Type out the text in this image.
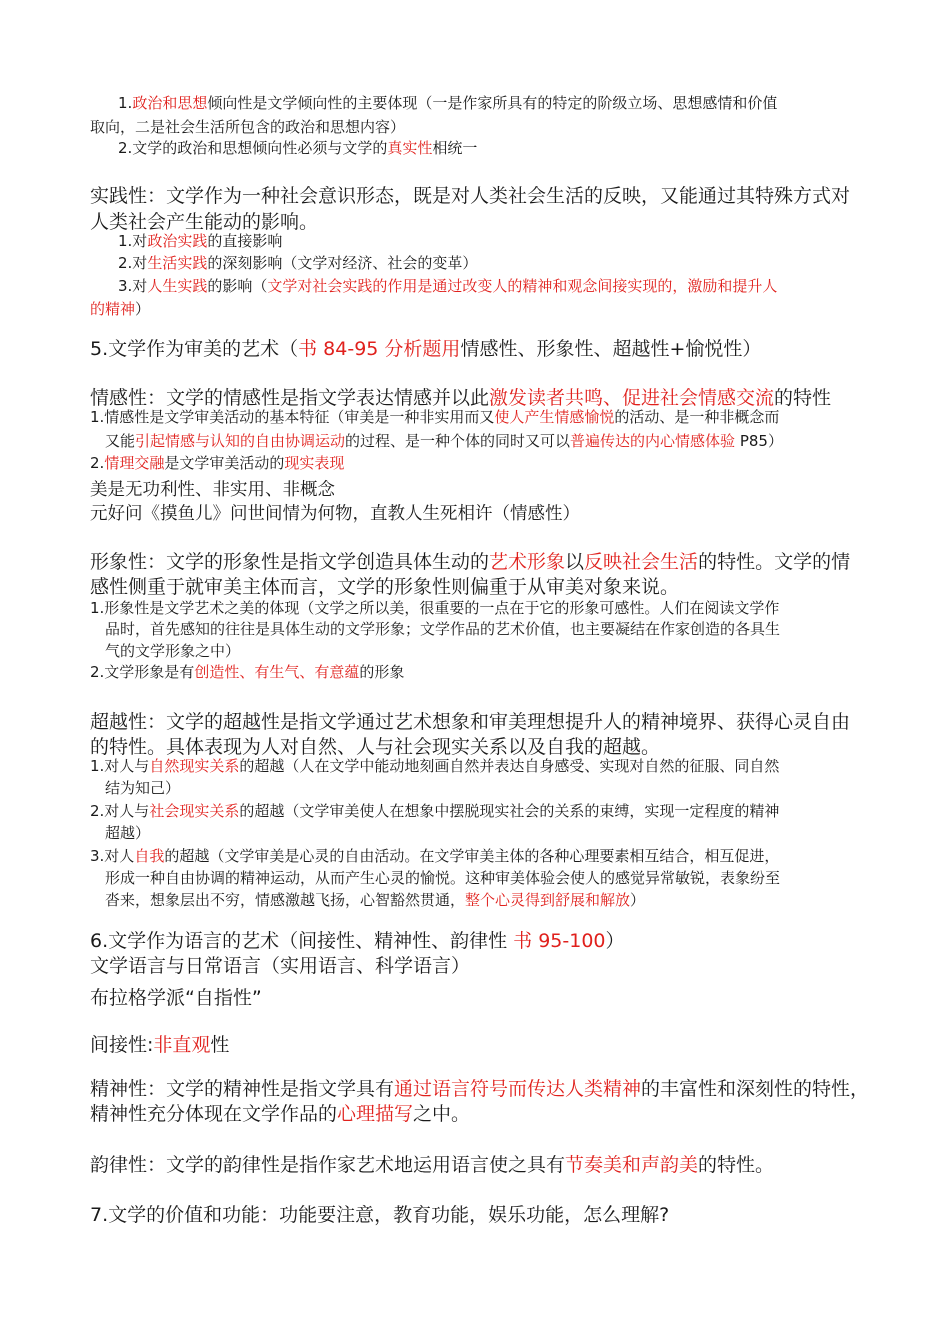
1.政治和思想倾向性是文学倾向性的主要体现（一是作家所具有的特定的阶级立场、思想感情和价值
取向，二是社会生活所包含的政治和思想内容）
2.文学的政治和思想倾向性必须与文学的真实性相统一
实践性：文学作为一种社会意识形态，既是对人类社会生活的反映，又能通过其特殊方式对
人类社会产生能动的影响。
1.对政治实践的直接影响
2.对生活实践的深刻影响（文学对经济、社会的变革）
3.对人生实践的影响（文学对社会实践的作用是通过改变人的精神和观念间接实现的，激励和提升人
的精神）
5.文学作为审美的艺术（书 84-95 分析题用情感性、形象性、超越性+愉悦性）
情感性：文学的情感性是指文学表达情感并以此激发读者共鸣、促进社会情感交流的特性
1.情感性是文学审美活动的基本特征（审美是一种非实用而又使人产生情感愉悦的活动、是一种非概念而
又能引起情感与认知的自由协调运动的过程、是一种个体的同时又可以普遍传达的内心情感体验 P85）
2.情理交融是文学审美活动的现实表现
美是无功利性、非实用、非概念
元好问《摸鱼儿》问世间情为何物，直教人生死相许（情感性）
形象性：文学的形象性是指文学创造具体生动的艺术形象以反映社会生活的特性。文学的情
感性侧重于就审美主体而言，文学的形象性则偏重于从审美对象来说。
1.形象性是文学艺术之美的体现（文学之所以美，很重要的一点在于它的形象可感性。人们在阅读文学作
品时，首先感知的往往是具体生动的文学形象；文学作品的艺术价值，也主要凝结在作家创造的各具生
气的文学形象之中）
2.文学形象是有创造性、有生气、有意蕴的形象
超越性：文学的超越性是指文学通过艺术想象和审美理想提升人的精神境界、获得心灵自由
的特性。具体表现为人对自然、人与社会现实关系以及自我的超越。
1.对人与自然现实关系的超越（人在文学中能动地刻画自然并表达自身感受、实现对自然的征服、同自然
结为知己）
2.对人与社会现实关系的超越（文学审美使人在想象中摆脱现实社会的关系的束缚，实现一定程度的精神
超越）
3.对人自我的超越（文学审美是心灵的自由活动。在文学审美主体的各种心理要素相互结合，相互促进，
形成一种自由协调的精神运动，从而产生心灵的愉悦。这种审美体验会使人的感觉异常敏锐，表象纷至
沓来，想象层出不穷，情感激越飞扬，心智豁然贯通，整个心灵得到舒展和解放）
6.文学作为语言的艺术（间接性、精神性、韵律性 书 95-100）
文学语言与日常语言（实用语言、科学语言）
布拉格学派“自指性”
间接性:非直观性
精神性：文学的精神性是指文学具有通过语言符号而传达人类精神的丰富性和深刻性的特性，
精神性充分体现在文学作品的心理描写之中。
韵律性：文学的韵律性是指作家艺术地运用语言使之具有节奏美和声韵美的特性。
7.文学的价值和功能：功能要注意，教育功能，娱乐功能，怎么理解?
